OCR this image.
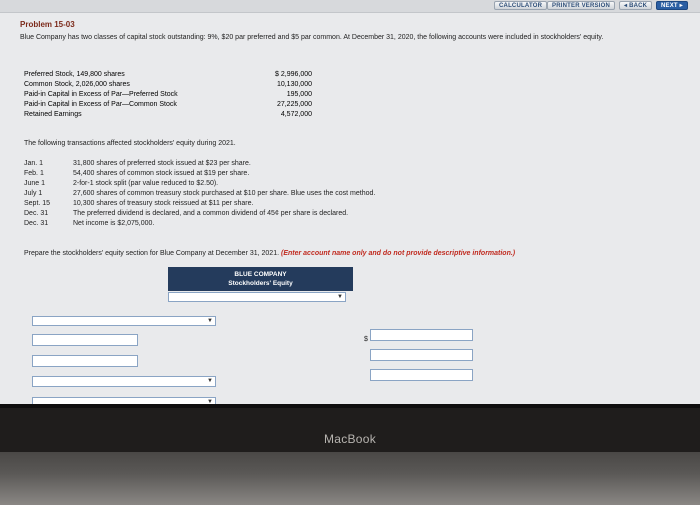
CALCULATOR	PRINTER VERSION	◂ BACK	NEXT ▸
Problem 15-03
Blue Company has two classes of capital stock outstanding: 9%, $20 par preferred and $5 par common. At December 31, 2020, the following accounts were included in stockholders' equity.
Preferred Stock, 149,800 shares	$ 2,996,000
Common Stock, 2,026,000 shares	10,130,000
Paid-in Capital in Excess of Par—Preferred Stock	195,000
Paid-in Capital in Excess of Par—Common Stock	27,225,000
Retained Earnings	4,572,000
The following transactions affected stockholders' equity during 2021.
Jan. 1	31,800 shares of preferred stock issued at $23 per share.
Feb. 1	54,400 shares of common stock issued at $19 per share.
June 1	2-for-1 stock split (par value reduced to $2.50).
July 1	27,600 shares of common treasury stock purchased at $10 per share. Blue uses the cost method.
Sept. 15	10,300 shares of treasury stock reissued at $11 per share.
Dec. 31	The preferred dividend is declared, and a common dividend of 45¢ per share is declared.
Dec. 31	Net income is $2,075,000.
Prepare the stockholders' equity section for Blue Company at December 31, 2021. (Enter account name only and do not provide descriptive information.)
BLUE COMPANY
Stockholders' Equity
▼
▼
▼
▼
$
MacBook
